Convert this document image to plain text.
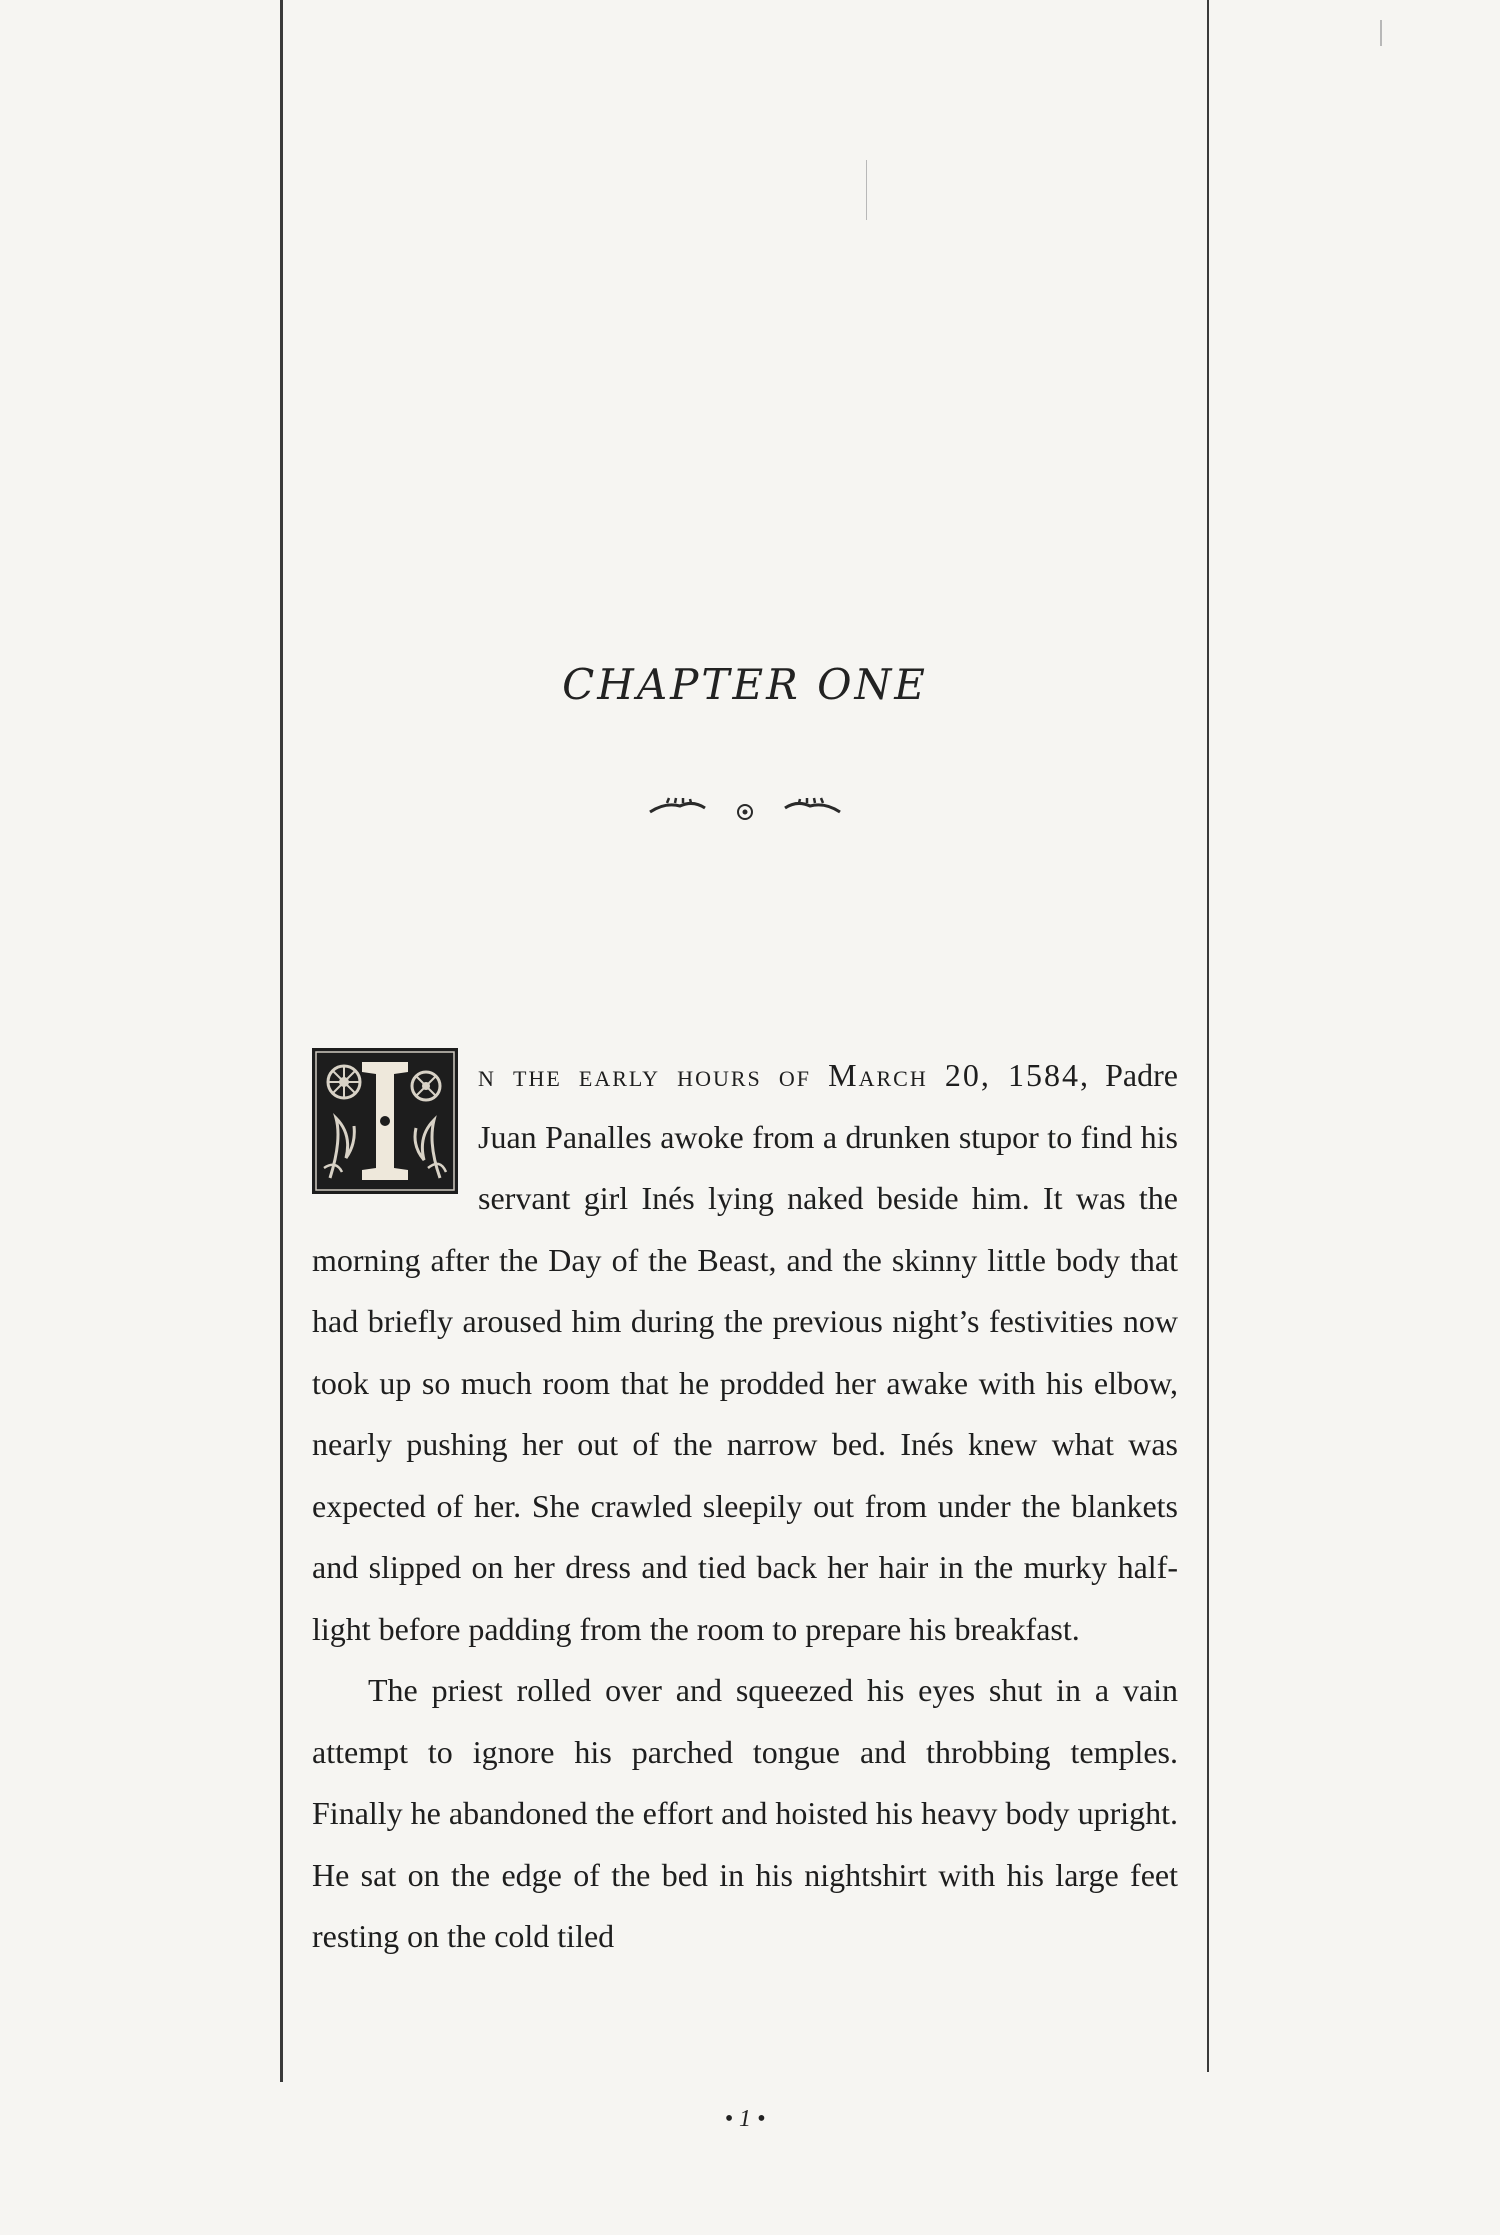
CHAPTER ONE

n the early hours of March 20, 1584, Padre Juan Panalles awoke from a drunken stupor to find his servant girl Inés lying naked beside him. It was the morning after the Day of the Beast, and the skinny little body that had briefly aroused him during the previous night’s festivities now took up so much room that he prodded her awake with his elbow, nearly pushing her out of the narrow bed. Inés knew what was expected of her. She crawled sleepily out from under the blankets and slipped on her dress and tied back her hair in the murky half-light before padding from the room to prepare his breakfast.

The priest rolled over and squeezed his eyes shut in a vain attempt to ignore his parched tongue and throbbing temples. Finally he abandoned the effort and hoisted his heavy body upright. He sat on the edge of the bed in his nightshirt with his large feet resting on the cold tiled

• 1 •
